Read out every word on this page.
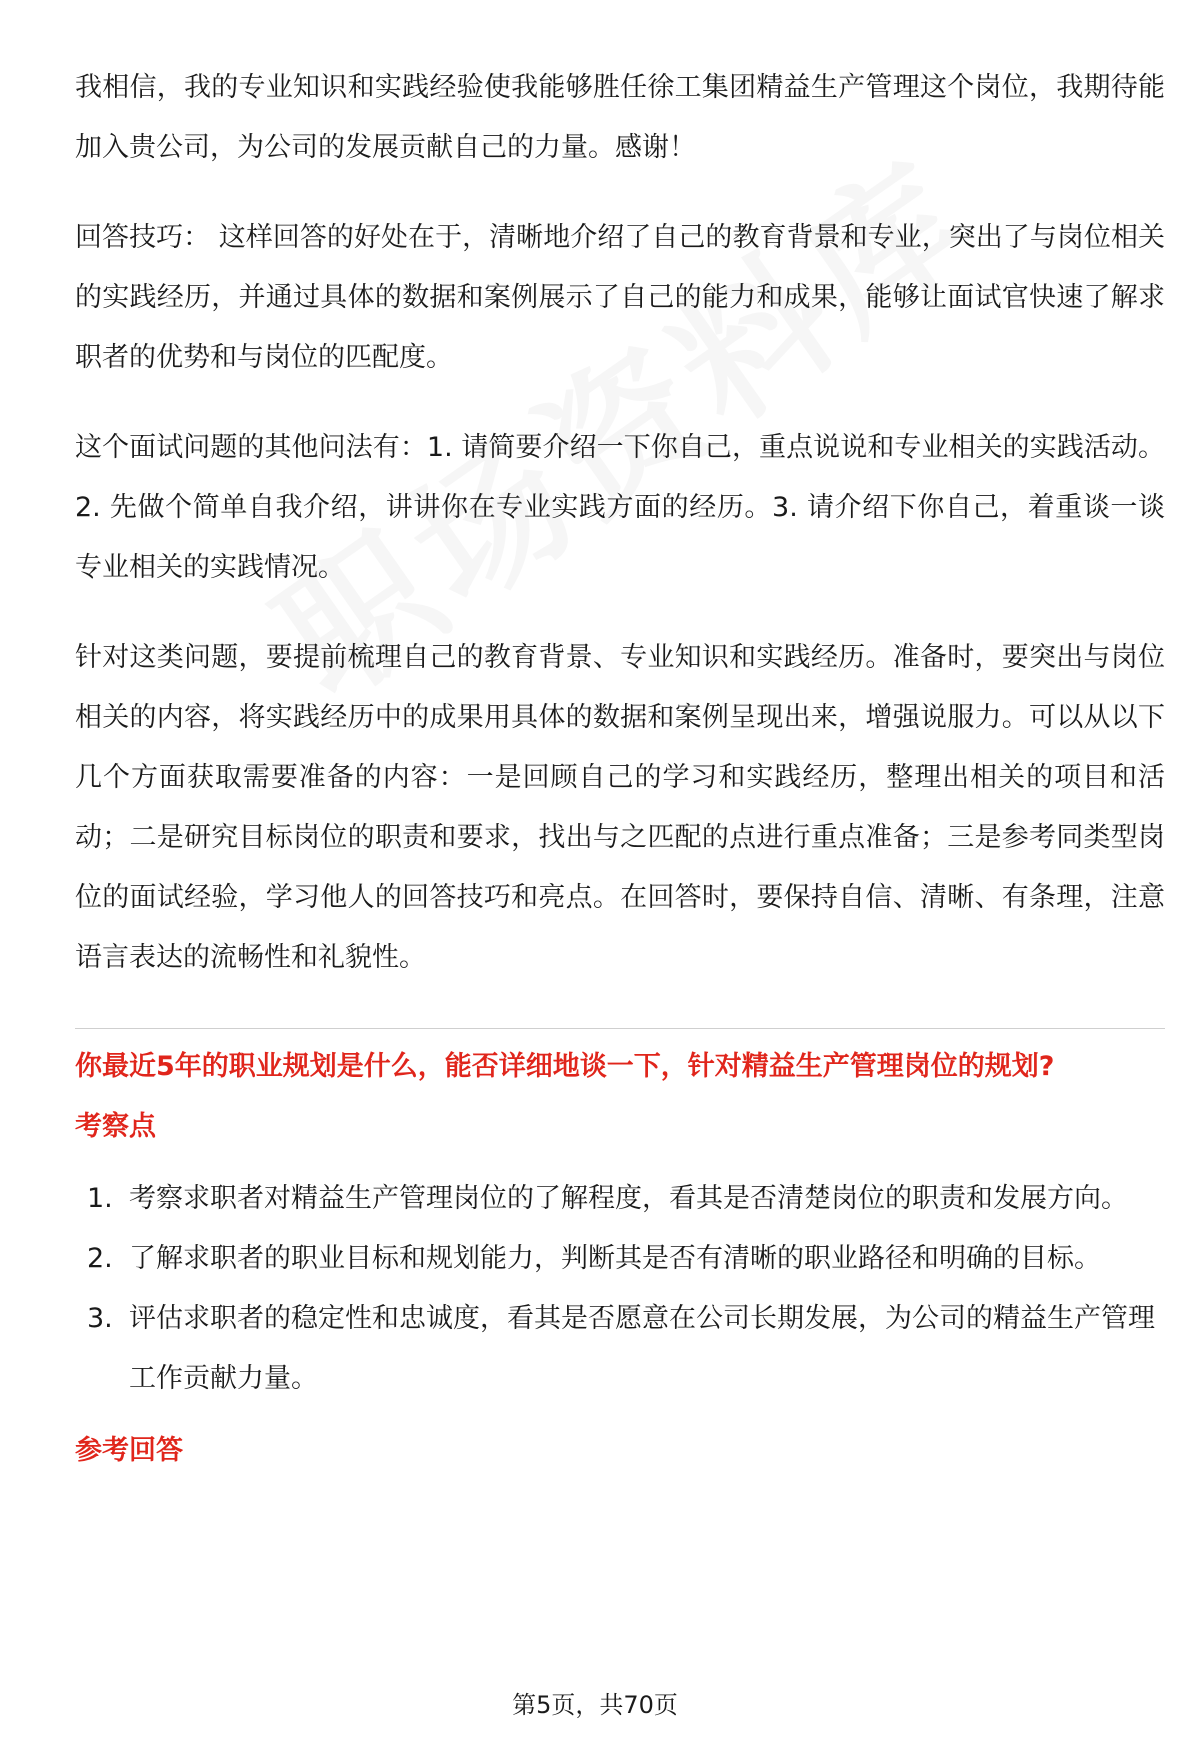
我相信，我的专业知识和实践经验使我能够胜任徐工集团精益生产管理这个岗位，我期待能加入贵公司，为公司的发展贡献自己的力量。感谢！

回答技巧： 这样回答的好处在于，清晰地介绍了自己的教育背景和专业，突出了与岗位相关的实践经历，并通过具体的数据和案例展示了自己的能力和成果，能够让面试官快速了解求职者的优势和与岗位的匹配度。

这个面试问题的其他问法有：1. 请简要介绍一下你自己，重点说说和专业相关的实践活动。2. 先做个简单自我介绍，讲讲你在专业实践方面的经历。3. 请介绍下你自己，着重谈一谈专业相关的实践情况。

针对这类问题，要提前梳理自己的教育背景、专业知识和实践经历。准备时，要突出与岗位相关的内容，将实践经历中的成果用具体的数据和案例呈现出来，增强说服力。可以从以下几个方面获取需要准备的内容：一是回顾自己的学习和实践经历，整理出相关的项目和活动；二是研究目标岗位的职责和要求，找出与之匹配的点进行重点准备；三是参考同类型岗位的面试经验，学习他人的回答技巧和亮点。在回答时，要保持自信、清晰、有条理，注意语言表达的流畅性和礼貌性。

你最近5年的职业规划是什么，能否详细地谈一下，针对精益生产管理岗位的规划?
考察点
1. 考察求职者对精益生产管理岗位的了解程度，看其是否清楚岗位的职责和发展方向。
2. 了解求职者的职业目标和规划能力，判断其是否有清晰的职业路径和明确的目标。
3. 评估求职者的稳定性和忠诚度，看其是否愿意在公司长期发展，为公司的精益生产管理工作贡献力量。
参考回答
第5页，共70页
